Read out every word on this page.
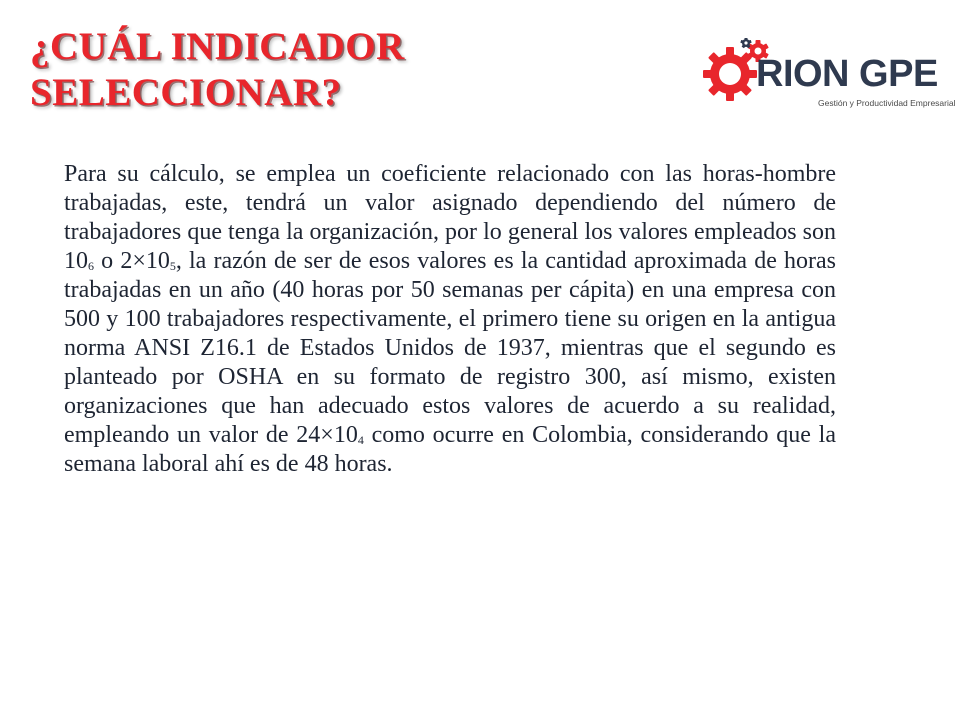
¿CUÁL INDICADOR
SELECCIONAR?	RION GPE
Gestión y Productividad Empresarial

Para su cálculo, se emplea un coeficiente relacionado con las horas-hombre trabajadas, este, tendrá un valor asignado dependiendo del número de trabajadores que tenga la organización, por lo general los valores empleados son $10_6$ o $2\times 10_5$, la razón de ser de esos valores es la cantidad aproximada de horas trabajadas en un año (40 horas por 50 semanas per cápita) en una empresa con 500 y 100 trabajadores respectivamente, el primero tiene su origen en la antigua norma ANSI Z16.1 de Estados Unidos de 1937, mientras que el segundo es planteado por OSHA en su formato de registro 300, así mismo, existen organizaciones que han adecuado estos valores de acuerdo a su realidad, empleando un valor de $24\times 10_4$ como ocurre en Colombia, considerando que la semana laboral ahí es de 48 horas.
